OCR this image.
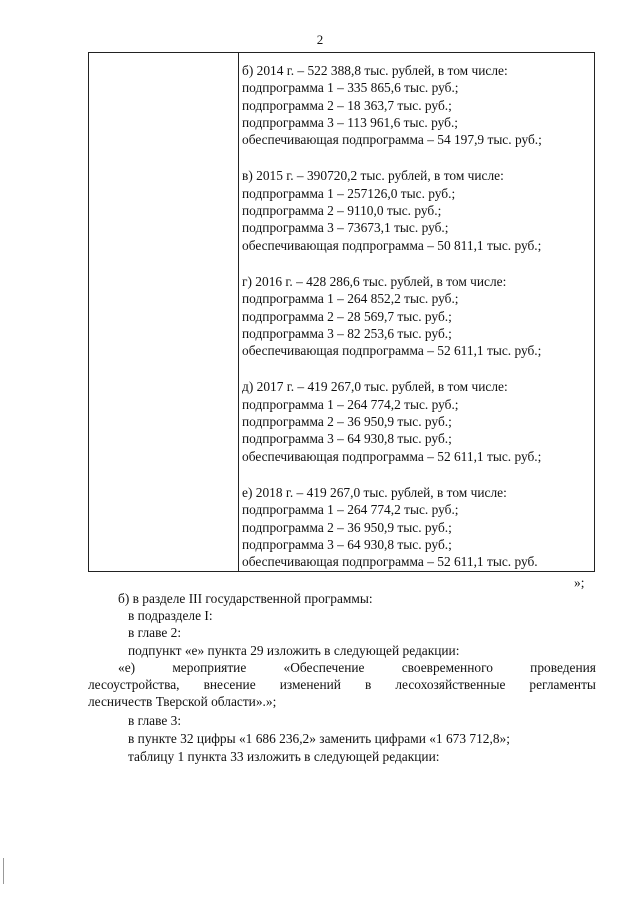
2
б) 2014 г. – 522 388,8 тыс. рублей, в том числе:
подпрограмма 1 – 335 865,6 тыс. руб.;
подпрограмма 2 – 18 363,7 тыс. руб.;
подпрограмма 3 – 113 961,6 тыс. руб.;
обеспечивающая подпрограмма – 54 197,9 тыс. руб.;
в) 2015 г. – 390720,2 тыс. рублей, в том числе:
подпрограмма 1 – 257126,0 тыс. руб.;
подпрограмма 2 – 9110,0 тыс. руб.;
подпрограмма 3 – 73673,1 тыс. руб.;
обеспечивающая подпрограмма – 50 811,1 тыс. руб.;
г) 2016 г. – 428 286,6 тыс. рублей, в том числе:
подпрограмма 1 – 264 852,2 тыс. руб.;
подпрограмма 2 – 28 569,7 тыс. руб.;
подпрограмма 3 – 82 253,6 тыс. руб.;
обеспечивающая подпрограмма – 52 611,1 тыс. руб.;
д) 2017 г. – 419 267,0 тыс. рублей, в том числе:
подпрограмма 1 – 264 774,2 тыс. руб.;
подпрограмма 2 – 36 950,9 тыс. руб.;
подпрограмма 3 – 64 930,8 тыс. руб.;
обеспечивающая подпрограмма – 52 611,1 тыс. руб.;
е) 2018 г. – 419 267,0 тыс. рублей, в том числе:
подпрограмма 1 – 264 774,2 тыс. руб.;
подпрограмма 2 – 36 950,9 тыс. руб.;
подпрограмма 3 – 64 930,8 тыс. руб.;
обеспечивающая подпрограмма – 52 611,1 тыс. руб.
»;
б) в разделе III государственной программы:
в подразделе I:
в главе 2:
подпункт «е» пункта 29 изложить в следующей редакции:
«е)	мероприятие	«Обеспечение	своевременного	проведения
лесоустройства, внесение изменений в лесохозяйственные регламенты
лесничеств Тверской области».»;
в главе 3:
в пункте 32 цифры «1 686 236,2» заменить цифрами «1 673 712,8»;
таблицу 1 пункта 33 изложить в следующей редакции:
